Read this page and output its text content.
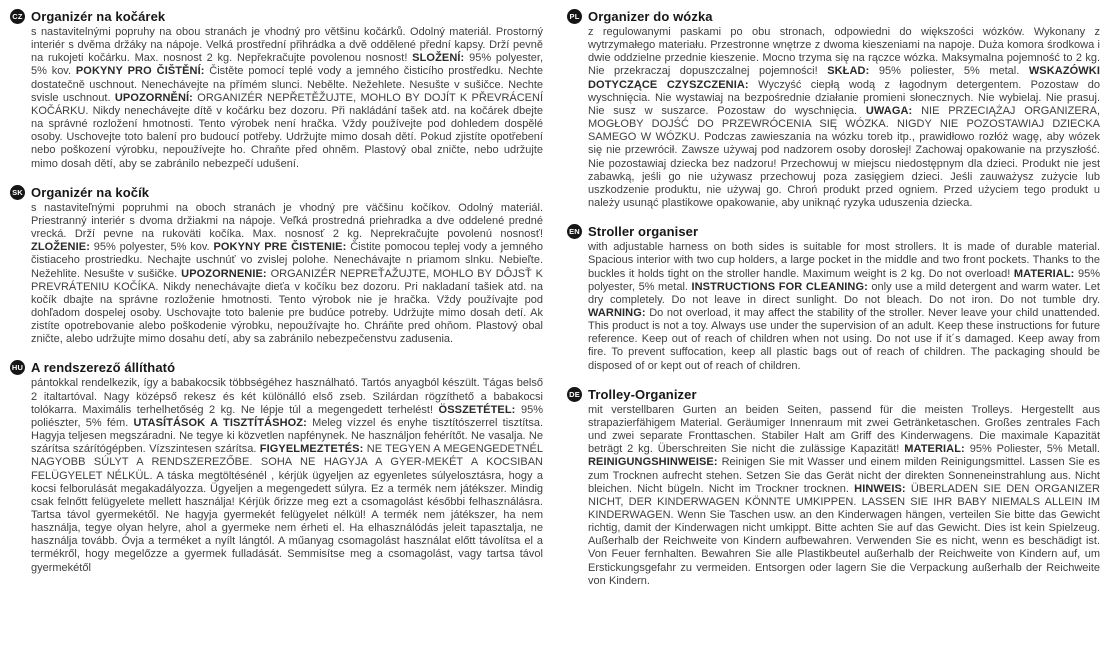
CZ Organizér na kočárek

s nastavitelnými popruhy na obou stranách je vhodný pro většinu kočárků. Odolný materiál. Prostorný interiér s dvěma držáky na nápoje. Velká prostřední přihrádka a dvě oddělené přední kapsy. Drží pevně na rukojeti kočárku. Max. nosnost 2 kg. Nepřekračujte povolenou nosnost! SLOŽENÍ: 95% polyester, 5% kov. POKYNY PRO ČIŠTĚNÍ: Čistěte pomocí teplé vody a jemného čisticího prostředku. Nechte dostatečně uschnout. Nenechávejte na přímém slunci. Nebělte. Nežehlete. Nesušte v sušičce. Nechte svisle uschnout. UPOZORNĚNÍ: ORGANIZÉR NEPŘETĚŽUJTE, MOHLO BY DOJÍT K PŘEVRÁCENÍ KOČÁRKU. Nikdy nenechávejte dítě v kočárku bez dozoru. Při nakládání tašek atd. na kočárek dbejte na správné rozložení hmotnosti. Tento výrobek není hračka. Vždy používejte pod dohledem dospělé osoby. Uschovejte toto balení pro budoucí potřeby. Udržujte mimo dosah dětí. Pokud zjistíte opotřebení nebo poškození výrobku, nepoužívejte ho. Chraňte před ohněm. Plastový obal zničte, nebo udržujte mimo dosah dětí, aby se zabránilo nebezpečí udušení.

SK Organizér na kočík

s nastaviteľnými popruhmi na oboch stranách je vhodný pre väčšinu kočíkov. Odolný materiál. Priestranný interiér s dvoma držiakmi na nápoje. Veľká prostredná priehradka a dve oddelené predné vrecká. Drží pevne na rukoväti kočíka. Max. nosnosť 2 kg. Neprekračujte povolenú nosnosť! ZLOŽENIE: 95% polyester, 5% kov. POKYNY PRE ČISTENIE: Čistite pomocou teplej vody a jemného čistiaceho prostriedku. Nechajte uschnúť vo zvislej polohe. Nenechávajte n priamom slnku. Nebieľte. Nežehlite. Nesušte v sušičke. UPOZORNENIE: ORGANIZÉR NEPREŤAŽUJTE, MOHLO BY DÔJSŤ K PREVRÁTENIU KOČÍKA. Nikdy nenechávajte dieťa v kočíku bez dozoru. Pri nakladaní tašiek atd. na kočík dbajte na správne rozloženie hmotnosti. Tento výrobok nie je hračka. Vždy používajte pod dohľadom dospelej osoby. Uschovajte toto balenie pre budúce potreby. Udržujte mimo dosah detí. Ak zistíte opotrebovanie alebo poškodenie výrobku, nepoužívajte ho. Chráňte pred ohňom. Plastový obal zničte, alebo udržujte mimo dosahu detí, aby sa zabránilo nebezpečenstvu zadusenia.

HU A rendszerező állítható

pántokkal rendelkezik, így a babakocsik többségéhez használható. Tartós anyagból készült. Tágas belső 2 italtartóval. Nagy középső rekesz és két különálló első zseb. Szilárdan rögzíthető a babakocsi tolókarra. Maximális terhelhetőség 2 kg. Ne lépje túl a megengedett terhelést! ÖSSZETÉTEL: 95% poliészter, 5% fém. UTASÍTÁSOK A TISZTÍTÁSHOZ: Meleg vízzel és enyhe tisztítószerrel tisztítsa. Hagyja teljesen megszáradni. Ne tegye ki közvetlen napfénynek. Ne használjon fehérítőt. Ne vasalja. Ne szárítsa szárítógépben. Vízszintesen szárítsa. FIGYELMEZTETÉS: NE TEGYEN A MEGENGEDETNÉL NAGYOBB SÚLYT A RENDSZEREZŐBE. SOHA NE HAGYJA A GYER-MEKÉT A KOCSIBAN FELÜGYELET NÉLKÜL. A táska megtöltésénél , kérjük ügyeljen az egyenletes súlyelosztásra, hogy a kocsi felborulását megakadályozza. Ügyeljen a megengedett súlyra. Ez a termék nem játékszer. Mindig csak felnőtt felügyelete mellett használja! Kérjük őrizze meg ezt a csomagolást későbbi felhasználásra. Tartsa távol gyermekétől. Ne hagyja gyermekét felügyelet nélkül! A termék nem játékszer, ha nem használja, tegye olyan helyre, ahol a gyermeke nem érheti el. Ha elhasználódás jeleit tapasztalja, ne használja tovább. Óvja a terméket a nyílt lángtól. A műanyag csomagolást használat előtt távolítsa el a termékről, hogy megelőzze a gyermek fulladását. Semmisítse meg a csomagolást, vagy tartsa távol gyermekétől

PL Organizer do wózka

z regulowanymi paskami po obu stronach, odpowiedni do większości wózków. Wykonany z wytrzymałego materiału. Przestronne wnętrze z dwoma kieszeniami na napoje. Duża komora środkowa i dwie oddzielne przednie kieszenie. Mocno trzyma się na rączce wózka. Maksymalna pojemność to 2 kg. Nie przekraczaj dopuszczalnej pojemności! SKŁAD: 95% poliester, 5% metal. WSKAZÓWKI DOTYCZĄCE CZYSZCZENIA: Wyczyść ciepłą wodą z łagodnym detergentem. Pozostaw do wyschnięcia. Nie wystawiaj na bezpośrednie działanie promieni słonecznych. Nie wybielaj. Nie prasuj. Nie susz w suszarce. Pozostaw do wyschnięcia. UWAGA: NIE PRZECIĄŻAJ ORGANIZERA, MOGŁOBY DOJŚĆ DO PRZEWRÓCENIA SIĘ WÓZKA. NIGDY NIE POZOSTAWIAJ DZIECKA SAMEGO W WÓZKU. Podczas zawieszania na wózku toreb itp., prawidłowo rozłóż wagę, aby wózek się nie przewrócił. Zawsze używaj pod nadzorem osoby dorosłej! Zachowaj opakowanie na przyszłość. Nie pozostawiaj dziecka bez nadzoru! Przechowuj w miejscu niedostępnym dla dzieci. Produkt nie jest zabawką, jeśli go nie używasz przechowuj poza zasięgiem dzieci. Jeśli zauważysz zużycie lub uszkodzenie produktu, nie używaj go. Chroń produkt przed ogniem. Przed użyciem tego produkt u należy usunąć plastikowe opakowanie, aby uniknąć ryzyka uduszenia dziecka.

EN Stroller organiser

with adjustable harness on both sides is suitable for most strollers. It is made of durable material. Spacious interior with two cup holders, a large pocket in the middle and two front pockets. Thanks to the buckles it holds tight on the stroller handle. Maximum weight is 2 kg. Do not overload! MATERIAL: 95% polyester, 5% metal. INSTRUCTIONS FOR CLEANING: only use a mild detergent and warm water. Let dry completely. Do not leave in direct sunlight. Do not bleach. Do not iron. Do not tumble dry. WARNING: Do not overload, it may affect the stability of the stroller. Never leave your child unattended. This product is not a toy. Always use under the supervision of an adult. Keep these instructions for future reference. Keep out of reach of children when not using. Do not use if it´s damaged. Keep away from fire. To prevent suffocation, keep all plastic bags out of reach of children. The packaging should be disposed of or kept out of reach of children.

DE Trolley-Organizer

mit verstellbaren Gurten an beiden Seiten, passend für die meisten Trolleys. Hergestellt aus strapazierfähigem Material. Geräumiger Innenraum mit zwei Getränketaschen. Großes zentrales Fach und zwei separate Fronttaschen. Stabiler Halt am Griff des Kinderwagens. Die maximale Kapazität beträgt 2 kg. Überschreiten Sie nicht die zulässige Kapazität! MATERIAL: 95% Poliester, 5% Metall. REINIGUNGSHINWEISE: Reinigen Sie mit Wasser und einem milden Reinigungsmittel. Lassen Sie es zum Trocknen aufrecht stehen. Setzen Sie das Gerät nicht der direkten Sonneneinstrahlung aus. Nicht bleichen. Nicht bügeln. Nicht im Trockner trocknen. HINWEIS: ÜBERLADEN SIE DEN ORGANIZER NICHT, DER KINDERWAGEN KÖNNTE UMKIPPEN. LASSEN SIE IHR BABY NIEMALS ALLEIN IM KINDERWAGEN. Wenn Sie Taschen usw. an den Kinderwagen hängen, verteilen Sie bitte das Gewicht richtig, damit der Kinderwagen nicht umkippt. Bitte achten Sie auf das Gewicht. Dies ist kein Spielzeug. Außerhalb der Reichweite von Kindern aufbewahren. Verwenden Sie es nicht, wenn es beschädigt ist. Von Feuer fernhalten. Bewahren Sie alle Plastikbeutel außerhalb der Reichweite von Kindern auf, um Erstickungsgefahr zu vermeiden. Entsorgen oder lagern Sie die Verpackung außerhalb der Reichweite von Kindern.
